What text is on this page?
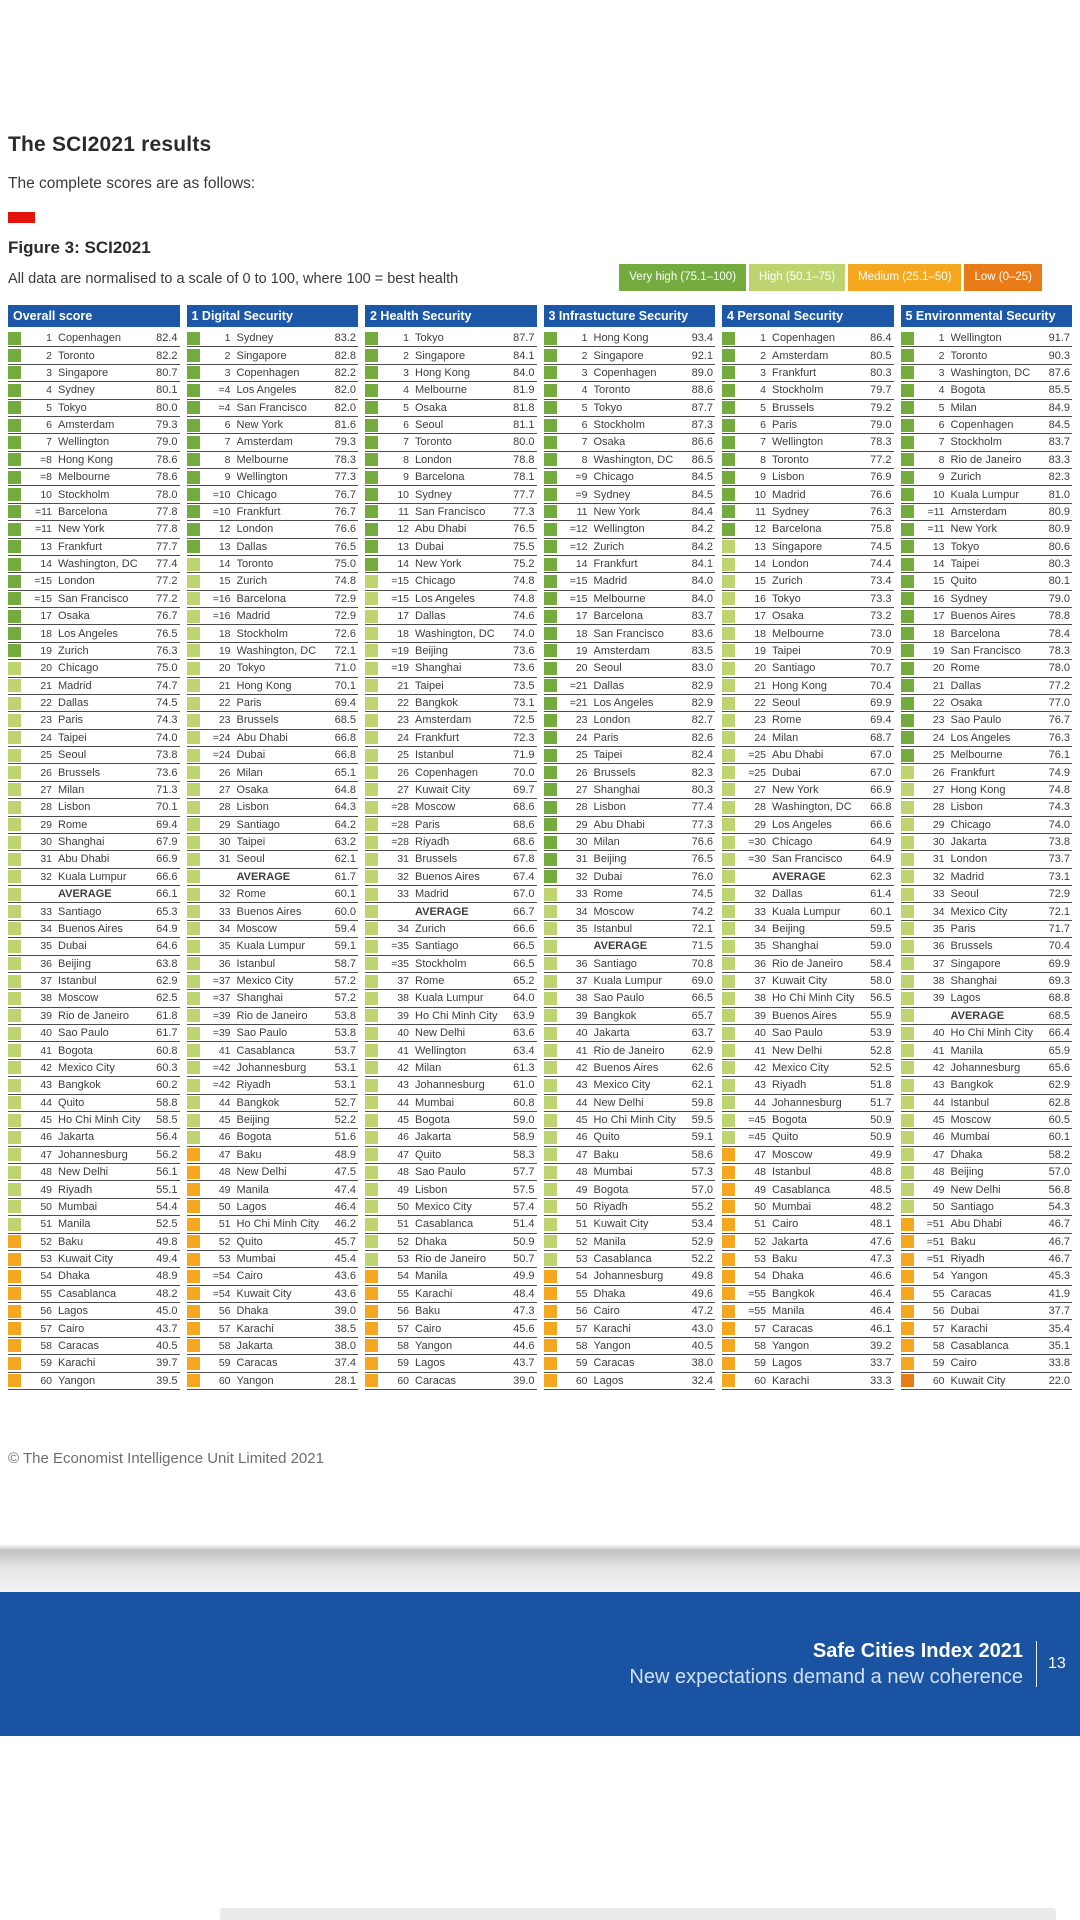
The SCI2021 results
The complete scores are as follows:
Figure 3: SCI2021
All data are normalised to a scale of 0 to 100, where 100 = best health	Very high (75.1–100)	High (50.1–75)	Medium (25.1–50)	Low (0–25)
Overall score
1 Copenhagen	82.4
2 Toronto	82.2
3 Singapore	80.7
4 Sydney	80.1
5 Tokyo	80.0
6 Amsterdam	79.3
7 Wellington	79.0
=8 Hong Kong	78.6
=8 Melbourne	78.6
10 Stockholm	78.0
=11 Barcelona	77.8
=11 New York	77.8
13 Frankfurt	77.7
14 Washington, DC	77.4
=15 London	77.2
=15 San Francisco	77.2
17 Osaka	76.7
18 Los Angeles	76.5
19 Zurich	76.3
20 Chicago	75.0
21 Madrid	74.7
22 Dallas	74.5
23 Paris	74.3
24 Taipei	74.0
25 Seoul	73.8
26 Brussels	73.6
27 Milan	71.3
28 Lisbon	70.1
29 Rome	69.4
30 Shanghai	67.9
31 Abu Dhabi	66.9
32 Kuala Lumpur	66.6
AVERAGE	66.1
33 Santiago	65.3
34 Buenos Aires	64.9
35 Dubai	64.6
36 Beijing	63.8
37 Istanbul	62.9
38 Moscow	62.5
39 Rio de Janeiro	61.8
40 Sao Paulo	61.7
41 Bogota	60.8
42 Mexico City	60.3
43 Bangkok	60.2
44 Quito	58.8
45 Ho Chi Minh City	58.5
46 Jakarta	56.4
47 Johannesburg	56.2
48 New Delhi	56.1
49 Riyadh	55.1
50 Mumbai	54.4
51 Manila	52.5
52 Baku	49.8
53 Kuwait City	49.4
54 Dhaka	48.9
55 Casablanca	48.2
56 Lagos	45.0
57 Cairo	43.7
58 Caracas	40.5
59 Karachi	39.7
60 Yangon	39.5
1 Digital Security
1 Sydney	83.2
2 Singapore	82.8
3 Copenhagen	82.2
=4 Los Angeles	82.0
=4 San Francisco	82.0
6 New York	81.6
7 Amsterdam	79.3
8 Melbourne	78.3
9 Wellington	77.3
=10 Chicago	76.7
=10 Frankfurt	76.7
12 London	76.6
13 Dallas	76.5
14 Toronto	75.0
15 Zurich	74.8
=16 Barcelona	72.9
=16 Madrid	72.9
18 Stockholm	72.6
19 Washington, DC	72.1
20 Tokyo	71.0
21 Hong Kong	70.1
22 Paris	69.4
23 Brussels	68.5
=24 Abu Dhabi	66.8
=24 Dubai	66.8
26 Milan	65.1
27 Osaka	64.8
28 Lisbon	64.3
29 Santiago	64.2
30 Taipei	63.2
31 Seoul	62.1
AVERAGE	61.7
32 Rome	60.1
33 Buenos Aires	60.0
34 Moscow	59.4
35 Kuala Lumpur	59.1
36 Istanbul	58.7
=37 Mexico City	57.2
=37 Shanghai	57.2
=39 Rio de Janeiro	53.8
=39 Sao Paulo	53.8
41 Casablanca	53.7
=42 Johannesburg	53.1
=42 Riyadh	53.1
44 Bangkok	52.7
45 Beijing	52.2
46 Bogota	51.6
47 Baku	48.9
48 New Delhi	47.5
49 Manila	47.4
50 Lagos	46.4
51 Ho Chi Minh City	46.2
52 Quito	45.7
53 Mumbai	45.4
=54 Cairo	43.6
=54 Kuwait City	43.6
56 Dhaka	39.0
57 Karachi	38.5
58 Jakarta	38.0
59 Caracas	37.4
60 Yangon	28.1
2 Health Security
1 Tokyo	87.7
2 Singapore	84.1
3 Hong Kong	84.0
4 Melbourne	81.9
5 Osaka	81.8
6 Seoul	81.1
7 Toronto	80.0
8 London	78.8
9 Barcelona	78.1
10 Sydney	77.7
11 San Francisco	77.3
12 Abu Dhabi	76.5
13 Dubai	75.5
14 New York	75.2
=15 Chicago	74.8
=15 Los Angeles	74.8
17 Dallas	74.6
18 Washington, DC	74.0
=19 Beijing	73.6
=19 Shanghai	73.6
21 Taipei	73.5
22 Bangkok	73.1
23 Amsterdam	72.5
24 Frankfurt	72.3
25 Istanbul	71.9
26 Copenhagen	70.0
27 Kuwait City	69.7
=28 Moscow	68.6
=28 Paris	68.6
=28 Riyadh	68.6
31 Brussels	67.8
32 Buenos Aires	67.4
33 Madrid	67.0
AVERAGE	66.7
34 Zurich	66.6
=35 Santiago	66.5
=35 Stockholm	66.5
37 Rome	65.2
38 Kuala Lumpur	64.0
39 Ho Chi Minh City	63.9
40 New Delhi	63.6
41 Wellington	63.4
42 Milan	61.3
43 Johannesburg	61.0
44 Mumbai	60.8
45 Bogota	59.0
46 Jakarta	58.9
47 Quito	58.3
48 Sao Paulo	57.7
49 Lisbon	57.5
50 Mexico City	57.4
51 Casablanca	51.4
52 Dhaka	50.9
53 Rio de Janeiro	50.7
54 Manila	49.9
55 Karachi	48.4
56 Baku	47.3
57 Cairo	45.6
58 Yangon	44.6
59 Lagos	43.7
60 Caracas	39.0
3 Infrastucture Security
1 Hong Kong	93.4
2 Singapore	92.1
3 Copenhagen	89.0
4 Toronto	88.6
5 Tokyo	87.7
6 Stockholm	87.3
7 Osaka	86.6
8 Washington, DC	86.5
=9 Chicago	84.5
=9 Sydney	84.5
11 New York	84.4
=12 Wellington	84.2
=12 Zurich	84.2
14 Frankfurt	84.1
=15 Madrid	84.0
=15 Melbourne	84.0
17 Barcelona	83.7
18 San Francisco	83.6
19 Amsterdam	83.5
20 Seoul	83.0
=21 Dallas	82.9
=21 Los Angeles	82.9
23 London	82.7
24 Paris	82.6
25 Taipei	82.4
26 Brussels	82.3
27 Shanghai	80.3
28 Lisbon	77.4
29 Abu Dhabi	77.3
30 Milan	76.6
31 Beijing	76.5
32 Dubai	76.0
33 Rome	74.5
34 Moscow	74.2
35 Istanbul	72.1
AVERAGE	71.5
36 Santiago	70.8
37 Kuala Lumpur	69.0
38 Sao Paulo	66.5
39 Bangkok	65.7
40 Jakarta	63.7
41 Rio de Janeiro	62.9
42 Buenos Aires	62.6
43 Mexico City	62.1
44 New Delhi	59.8
45 Ho Chi Minh City	59.5
46 Quito	59.1
47 Baku	58.6
48 Mumbai	57.3
49 Bogota	57.0
50 Riyadh	55.2
51 Kuwait City	53.4
52 Manila	52.9
53 Casablanca	52.2
54 Johannesburg	49.8
55 Dhaka	49.6
56 Cairo	47.2
57 Karachi	43.0
58 Yangon	40.5
59 Caracas	38.0
60 Lagos	32.4
4 Personal Security
1 Copenhagen	86.4
2 Amsterdam	80.5
3 Frankfurt	80.3
4 Stockholm	79.7
5 Brussels	79.2
6 Paris	79.0
7 Wellington	78.3
8 Toronto	77.2
9 Lisbon	76.9
10 Madrid	76.6
11 Sydney	76.3
12 Barcelona	75.8
13 Singapore	74.5
14 London	74.4
15 Zurich	73.4
16 Tokyo	73.3
17 Osaka	73.2
18 Melbourne	73.0
19 Taipei	70.9
20 Santiago	70.7
21 Hong Kong	70.4
22 Seoul	69.9
23 Rome	69.4
24 Milan	68.7
=25 Abu Dhabi	67.0
=25 Dubai	67.0
27 New York	66.9
28 Washington, DC	66.8
29 Los Angeles	66.6
=30 Chicago	64.9
=30 San Francisco	64.9
AVERAGE	62.3
32 Dallas	61.4
33 Kuala Lumpur	60.1
34 Beijing	59.5
35 Shanghai	59.0
36 Rio de Janeiro	58.4
37 Kuwait City	58.0
38 Ho Chi Minh City	56.5
39 Buenos Aires	55.9
40 Sao Paulo	53.9
41 New Delhi	52.8
42 Mexico City	52.5
43 Riyadh	51.8
44 Johannesburg	51.7
=45 Bogota	50.9
=45 Quito	50.9
47 Moscow	49.9
48 Istanbul	48.8
49 Casablanca	48.5
50 Mumbai	48.2
51 Cairo	48.1
52 Jakarta	47.6
53 Baku	47.3
54 Dhaka	46.6
=55 Bangkok	46.4
=55 Manila	46.4
57 Caracas	46.1
58 Yangon	39.2
59 Lagos	33.7
60 Karachi	33.3
5 Environmental Security
1 Wellington	91.7
2 Toronto	90.3
3 Washington, DC	87.6
4 Bogota	85.5
5 Milan	84.9
6 Copenhagen	84.5
7 Stockholm	83.7
8 Rio de Janeiro	83.3
9 Zurich	82.3
10 Kuala Lumpur	81.0
=11 Amsterdam	80.9
=11 New York	80.9
13 Tokyo	80.6
14 Taipei	80.3
15 Quito	80.1
16 Sydney	79.0
17 Buenos Aires	78.8
18 Barcelona	78.4
19 San Francisco	78.3
20 Rome	78.0
21 Dallas	77.2
22 Osaka	77.0
23 Sao Paulo	76.7
24 Los Angeles	76.3
25 Melbourne	76.1
26 Frankfurt	74.9
27 Hong Kong	74.8
28 Lisbon	74.3
29 Chicago	74.0
30 Jakarta	73.8
31 London	73.7
32 Madrid	73.1
33 Seoul	72.9
34 Mexico City	72.1
35 Paris	71.7
36 Brussels	70.4
37 Singapore	69.9
38 Shanghai	69.3
39 Lagos	68.8
AVERAGE	68.5
40 Ho Chi Minh City	66.4
41 Manila	65.9
42 Johannesburg	65.6
43 Bangkok	62.9
44 Istanbul	62.8
45 Moscow	60.5
46 Mumbai	60.1
47 Dhaka	58.2
48 Beijing	57.0
49 New Delhi	56.8
50 Santiago	54.3
=51 Abu Dhabi	46.7
=51 Baku	46.7
=51 Riyadh	46.7
54 Yangon	45.3
55 Caracas	41.9
56 Dubai	37.7
57 Karachi	35.4
58 Casablanca	35.1
59 Cairo	33.8
60 Kuwait City	22.0
© The Economist Intelligence Unit Limited 2021
Safe Cities Index 2021
New expectations demand a new coherence
13
